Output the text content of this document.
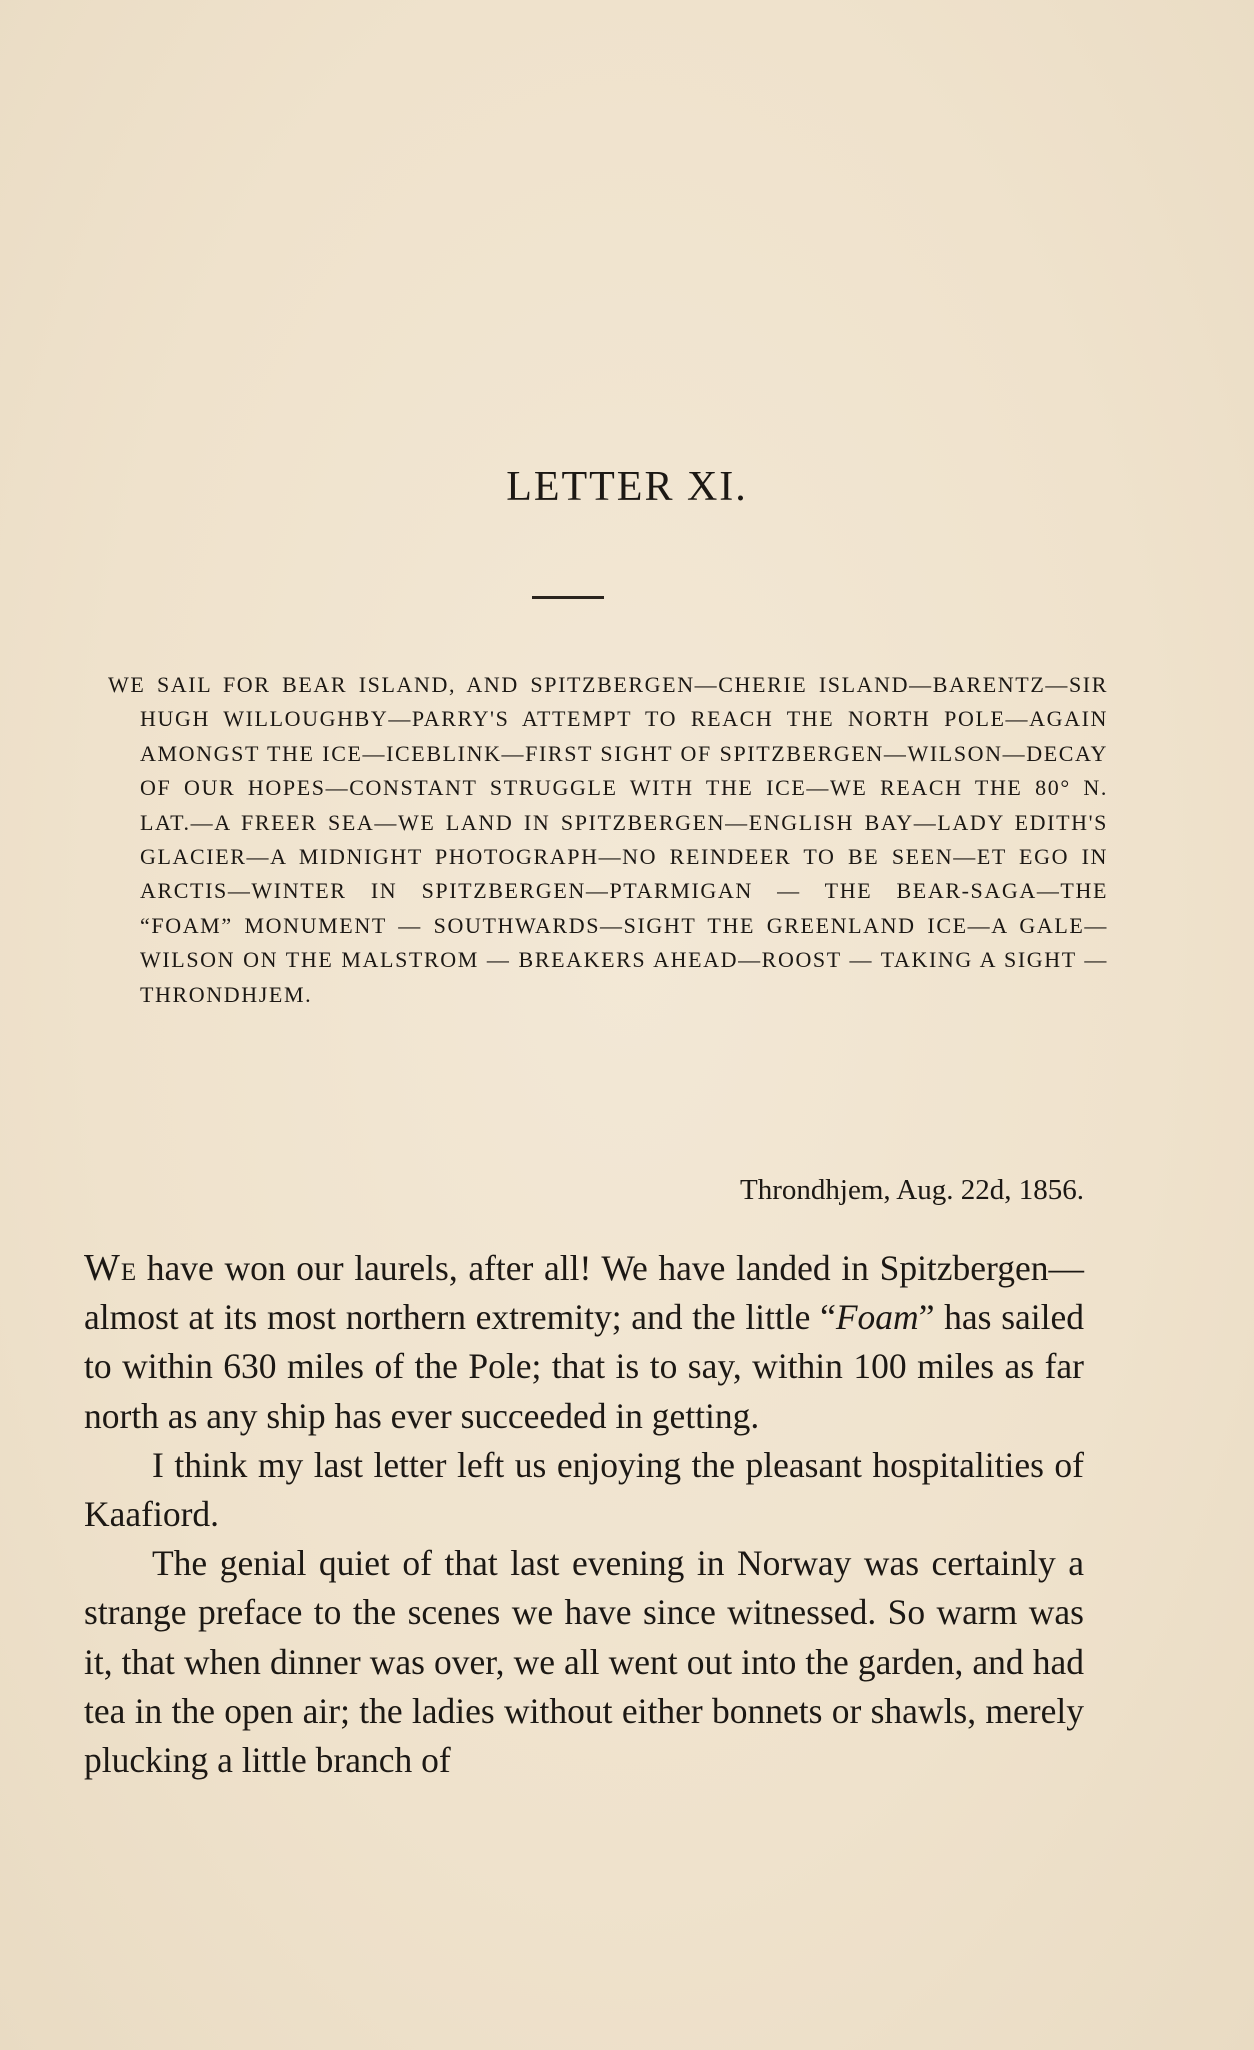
LETTER XI.
WE SAIL FOR BEAR ISLAND, AND SPITZBERGEN—CHERIE ISLAND—BARENTZ—SIR HUGH WILLOUGHBY—PARRY'S ATTEMPT TO REACH THE NORTH POLE—AGAIN AMONGST THE ICE—ICEBLINK—FIRST SIGHT OF SPITZBERGEN—WILSON—DECAY OF OUR HOPES—CONSTANT STRUGGLE WITH THE ICE—WE REACH THE 80° N. LAT.—A FREER SEA—WE LAND IN SPITZBERGEN—ENGLISH BAY—LADY EDITH'S GLACIER—A MIDNIGHT PHOTOGRAPH—NO REINDEER TO BE SEEN—ET EGO IN ARCTIS—WINTER IN SPITZBERGEN—PTARMIGAN — THE BEAR-SAGA—THE “FOAM” MONUMENT — SOUTHWARDS—SIGHT THE GREENLAND ICE—A GALE—WILSON ON THE MALSTROM — BREAKERS AHEAD—ROOST — TAKING A SIGHT — THRONDHJEM.
Throndhjem, Aug. 22d, 1856.

We have won our laurels, after all! We have landed in Spitzbergen—almost at its most northern extremity; and the little “Foam” has sailed to within 630 miles of the Pole; that is to say, within 100 miles as far north as any ship has ever succeeded in getting.

I think my last letter left us enjoying the pleasant hospitalities of Kaafiord.

The genial quiet of that last evening in Norway was certainly a strange preface to the scenes we have since witnessed. So warm was it, that when dinner was over, we all went out into the garden, and had tea in the open air; the ladies without either bonnets or shawls, merely plucking a little branch of
